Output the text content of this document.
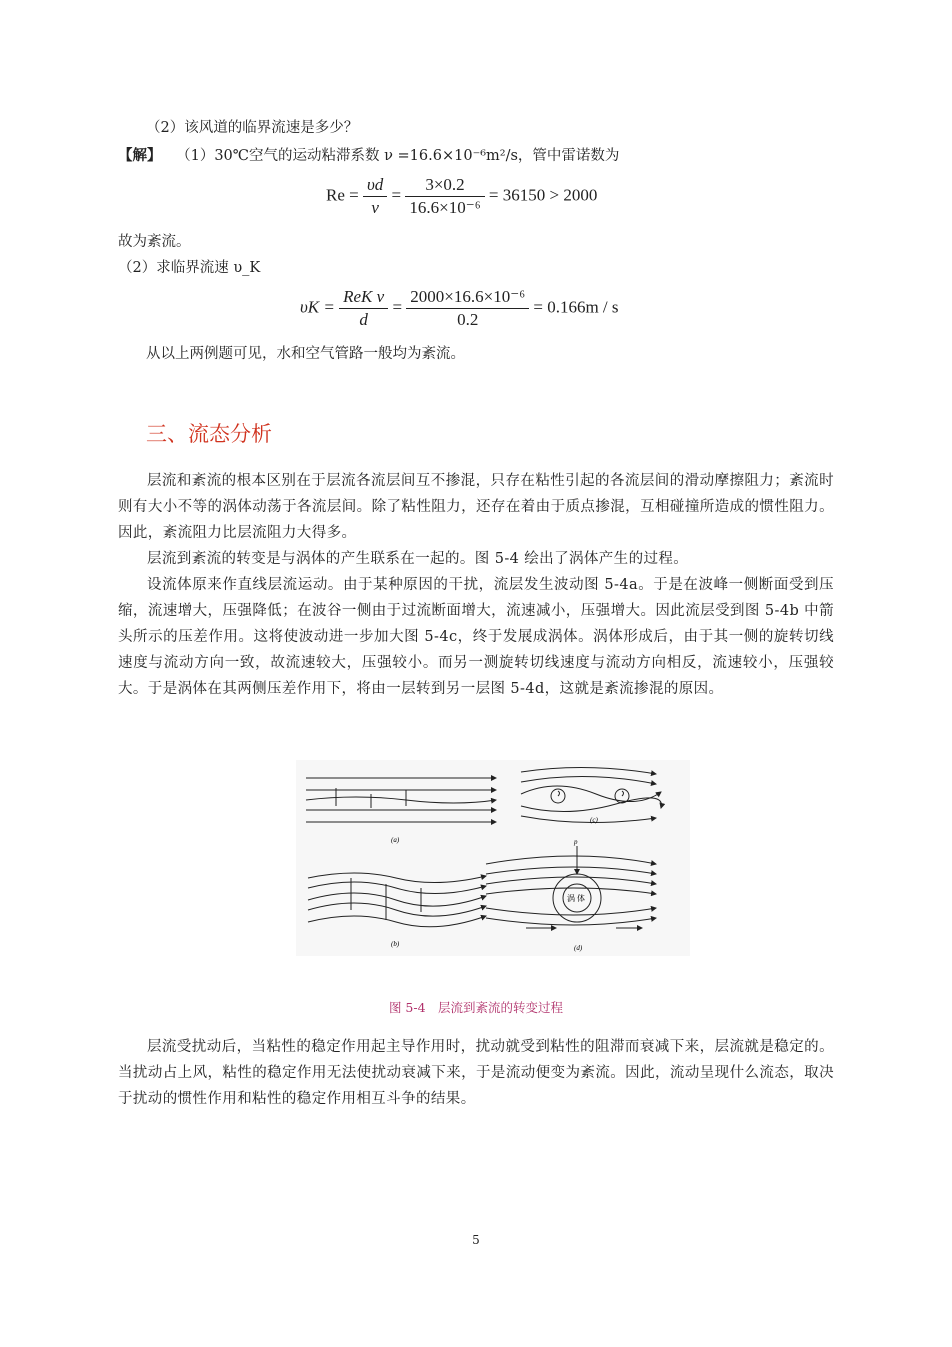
（2）该风道的临界流速是多少？
【解】 （1）30℃空气的运动粘滞系数 ν =16.6×10⁻⁶m²/s，管中雷诺数为
$Re = \frac{\upsilon d}{\nu} = \frac{3\times 0.2}{\text{16.6×10⁻⁶}} = 36150 > 2000$
故为紊流。
（2）求临界流速 υ_K
$\upsilon K = \frac{\text{ReK ν}}{d} = \frac{\text{2000×16.6×10⁻⁶}}{0.2} = 0.166m / s$
从以上两例题可见，水和空气管路一般均为紊流。
三、流态分析

层流和紊流的根本区别在于层流各流层间互不掺混，只存在粘性引起的各流层间的滑动摩擦阻力；紊流时则有大小不等的涡体动荡于各流层间。除了粘性阻力，还存在着由于质点掺混，互相碰撞所造成的惯性阻力。因此，紊流阻力比层流阻力大得多。

层流到紊流的转变是与涡体的产生联系在一起的。图 5-4 绘出了涡体产生的过程。

设流体原来作直线层流运动。由于某种原因的干扰，流层发生波动图 5-4a。于是在波峰一侧断面受到压缩，流速增大，压强降低；在波谷一侧由于过流断面增大，流速减小，压强增大。因此流层受到图 5-4b 中箭头所示的压差作用。这将使波动进一步加大图 5-4c，终于发展成涡体。涡体形成后，由于其一侧的旋转切线速度与流动方向一致，故流速较大，压强较小。而另一测旋转切线速度与流动方向相反，流速较小，压强较大。于是涡体在其两侧压差作用下，将由一层转到另一层图 5-4d，这就是紊流掺混的原因。

(a)
(b)
(c)
p
涡 体
(d)
图 5-4　层流到紊流的转变过程

层流受扰动后，当粘性的稳定作用起主导作用时，扰动就受到粘性的阻滞而衰减下来，层流就是稳定的。当扰动占上风，粘性的稳定作用无法使扰动衰减下来，于是流动便变为紊流。因此，流动呈现什么流态，取决于扰动的惯性作用和粘性的稳定作用相互斗争的结果。

5
